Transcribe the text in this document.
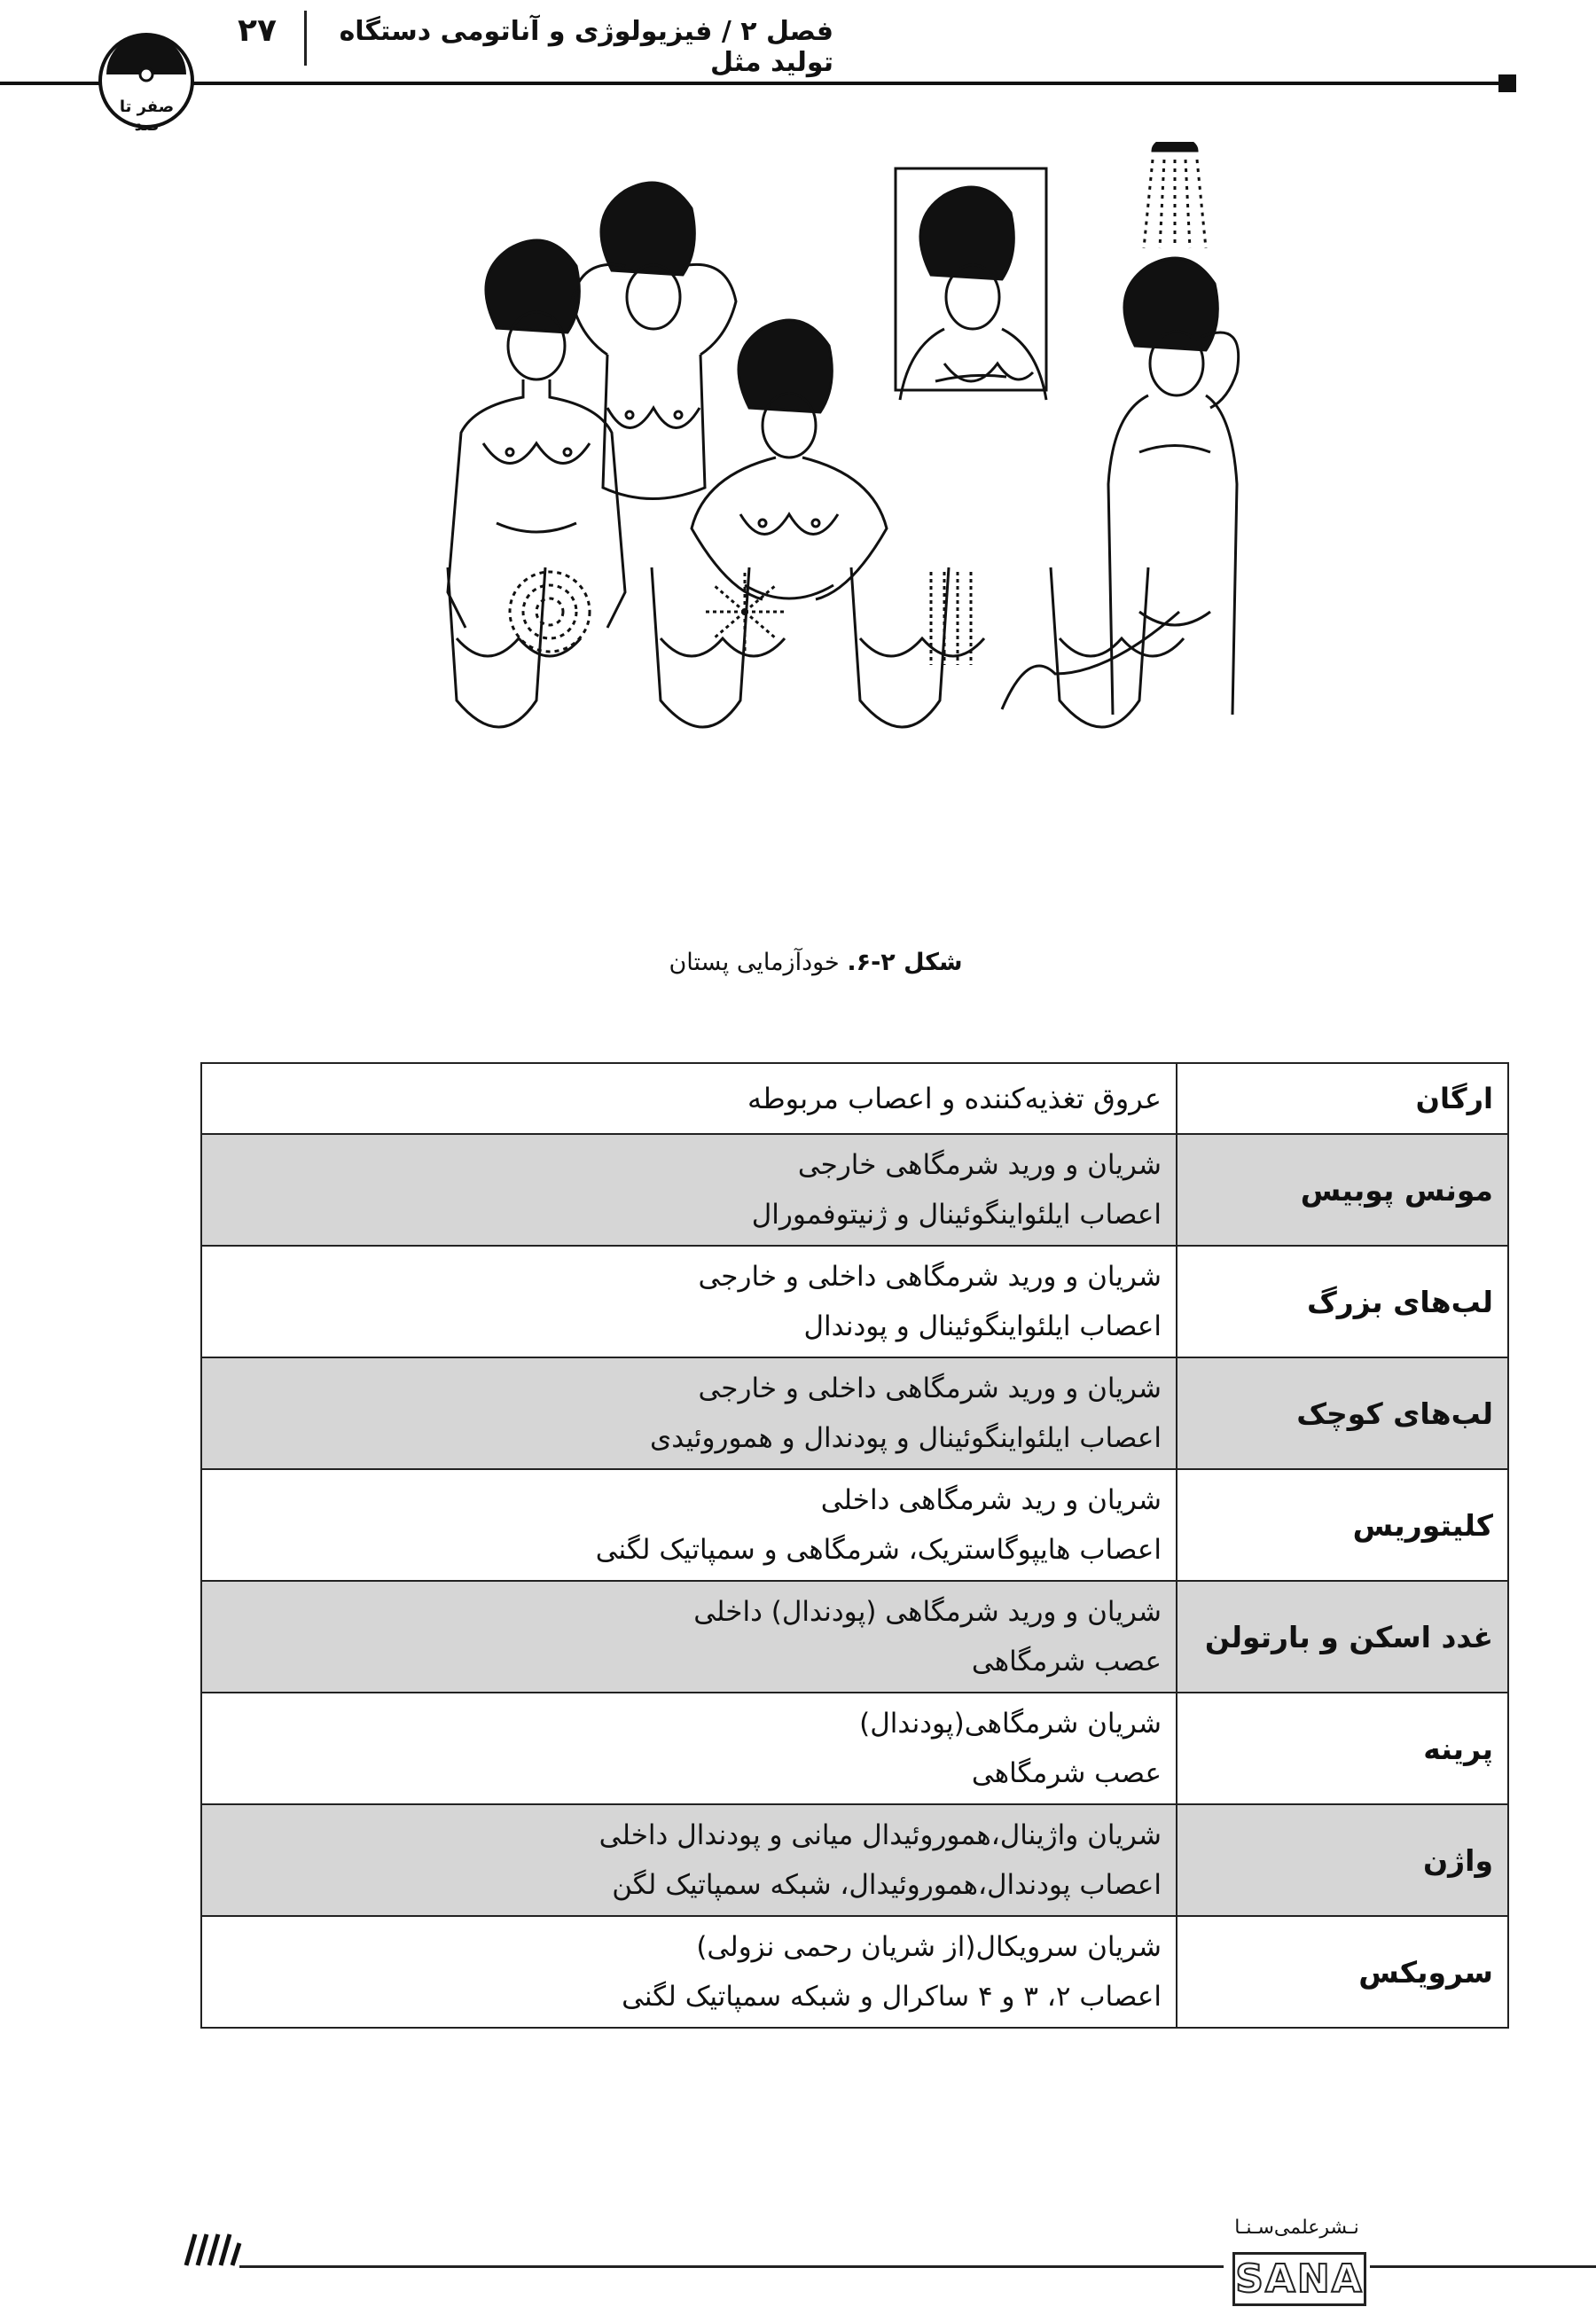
۲۷	فصل ۲ / فیزیولوژی و آناتومی دستگاه تولید مثل
صفر تا صد
شکل ۲-۶. خودآزمایی پستان
ارگان	عروق تغذیه‌کننده و اعصاب مربوطه
مونس پوبیس	شریان و ورید شرمگاهی خارجی
اعصاب ایلئواینگوئینال و ژنیتوفمورال

لب‌های بزرگ	شریان و ورید شرمگاهی داخلی و خارجی
اعصاب ایلئواینگوئینال و پودندال

لب‌های کوچک	شریان و ورید شرمگاهی داخلی و خارجی
اعصاب ایلئواینگوئینال و پودندال و هموروئیدی

کلیتوریس	شریان و رید شرمگاهی داخلی
اعصاب هایپوگاستریک، شرمگاهی و سمپاتیک لگنی

غدد اسکن و بارتولن	شریان و ورید شرمگاهی (پودندال) داخلی
عصب شرمگاهی

پرینه	شریان شرمگاهی(پودندال)
عصب شرمگاهی

واژن	شریان واژینال،هموروئیدال میانی و پودندال داخلی
اعصاب پودندال،هموروئیدال، شبکه سمپاتیک لگن

سرویکس	شریان سرویکال(از شریان رحمی نزولی)
اعصاب ۲، ۳ و ۴ ساکرال و شبکه سمپاتیک لگنی
نـشرعلمی‌سـنـا
SANA
